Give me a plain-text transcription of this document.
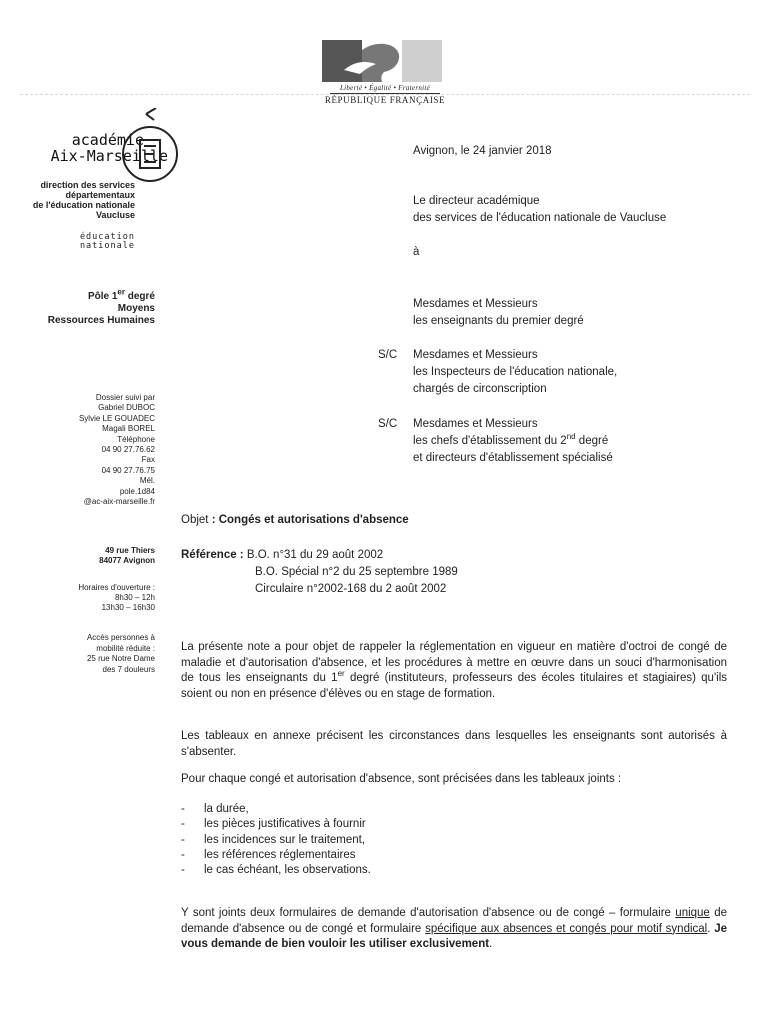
Liberté • Égalité • Fraternité
RÉPUBLIQUE FRANÇAISE
académie
Aix-Marseille
direction des services
départementaux
de l'éducation nationale
Vaucluse
éducation
nationale
Pôle 1er degré
Moyens
Ressources Humaines
Dossier suivi par
Gabriel DUBOC
Sylvie LE GOUADEC
Magali BOREL
Téléphone
04 90 27.76.62
Fax
04 90 27.76.75
Mél.
pole.1d84
@ac-aix-marseille.fr
49 rue Thiers
84077 Avignon
Horaires d'ouverture :
8h30 – 12h
13h30 – 16h30
Accès personnes à
mobilité réduite :
25 rue Notre Dame
des 7 douleurs
Avignon, le 24 janvier 2018
Le directeur académique
des services de l'éducation nationale de Vaucluse
à
Mesdames et Messieurs
les enseignants du premier degré
S/C Mesdames et Messieurs
les Inspecteurs de l'éducation nationale,
chargés de circonscription
S/C Mesdames et Messieurs
les chefs d'établissement du 2nd degré
et directeurs d'établissement spécialisé
Objet : Congés et autorisations d'absence
Référence : B.O. n°31 du 29 août 2002
B.O. Spécial n°2 du 25 septembre 1989
Circulaire n°2002-168 du 2 août 2002
La présente note a pour objet de rappeler la réglementation en vigueur en matière d'octroi de congé de maladie et d'autorisation d'absence, et les procédures à mettre en œuvre dans un souci d'harmonisation de tous les enseignants du 1er degré (instituteurs, professeurs des écoles titulaires et stagiaires) qu'ils soient ou non en présence d'élèves ou en stage de formation.
Les tableaux en annexe précisent les circonstances dans lesquelles les enseignants sont autorisés à s'absenter.
Pour chaque congé et autorisation d'absence, sont précisées dans les tableaux joints :
- la durée,
- les pièces justificatives à fournir
- les incidences sur le traitement,
- les références réglementaires
- le cas échéant, les observations.
Y sont joints deux formulaires de demande d'autorisation d'absence ou de congé – formulaire unique de demande d'absence ou de congé et formulaire spécifique aux absences et congés pour motif syndical. Je vous demande de bien vouloir les utiliser exclusivement.
